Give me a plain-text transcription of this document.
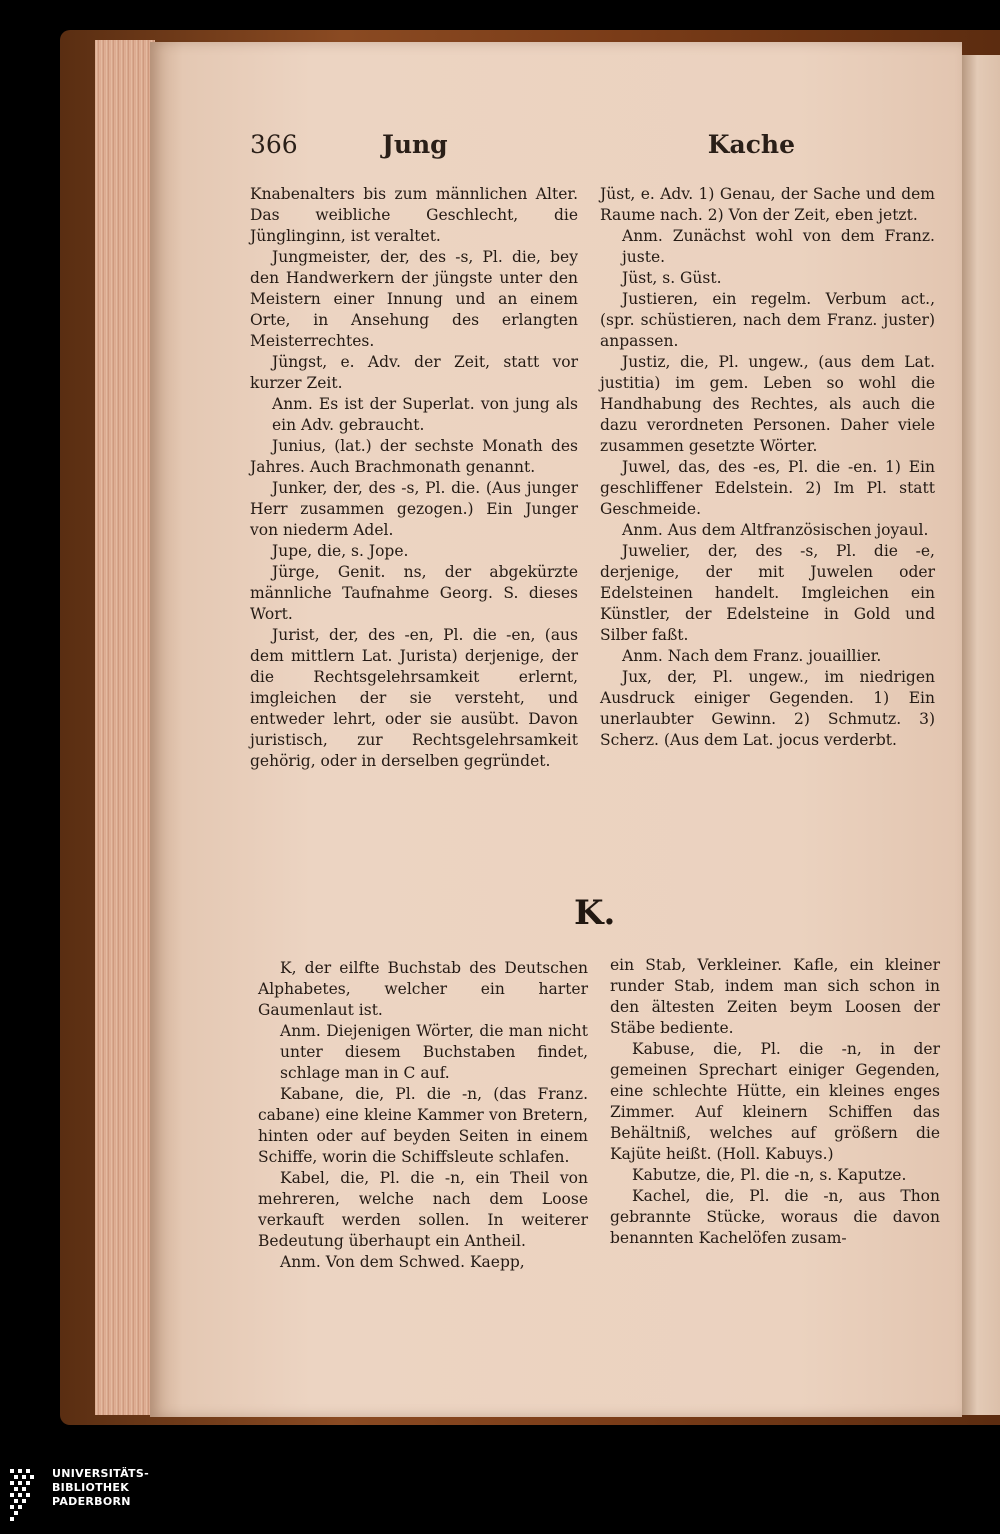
366	Jung	Kache

Knabenalters bis zum männlichen Alter. Das weibliche Geschlecht, die Jünglinginn, ist veraltet.

Jungmeister, der, des -s, Pl. die, bey den Handwerkern der jüngste unter den Meistern einer Innung und an einem Orte, in Ansehung des erlangten Meisterrechtes.

Jüngst, e. Adv. der Zeit, statt vor kurzer Zeit.

Anm. Es ist der Superlat. von jung als ein Adv. gebraucht.

Junius, (lat.) der sechste Monath des Jahres. Auch Brachmonath genannt.

Junker, der, des -s, Pl. die. (Aus junger Herr zusammen gezogen.) Ein Junger von niederm Adel.

Jupe, die, s. Jope.

Jürge, Genit. ns, der abgekürzte männliche Taufnahme Georg. S. dieses Wort.

Jurist, der, des -en, Pl. die -en, (aus dem mittlern Lat. Jurista) derjenige, der die Rechtsgelehrsamkeit erlernt, imgleichen der sie versteht, und entweder lehrt, oder sie ausübt. Davon juristisch, zur Rechtsgelehrsamkeit gehörig, oder in derselben gegründet.

Jüst, e. Adv. 1) Genau, der Sache und dem Raume nach. 2) Von der Zeit, eben jetzt.

Anm. Zunächst wohl von dem Franz. juste.

Jüst, s. Güst.

Justieren, ein regelm. Verbum act., (spr. schüstieren, nach dem Franz. juster) anpassen.

Justiz, die, Pl. ungew., (aus dem Lat. justitia) im gem. Leben so wohl die Handhabung des Rechtes, als auch die dazu verordneten Personen. Daher viele zusammen gesetzte Wörter.

Juwel, das, des -es, Pl. die -en. 1) Ein geschliffener Edelstein. 2) Im Pl. statt Geschmeide.

Anm. Aus dem Altfranzösischen joyaul.

Juwelier, der, des -s, Pl. die -e, derjenige, der mit Juwelen oder Edelsteinen handelt. Imgleichen ein Künstler, der Edelsteine in Gold und Silber faßt.

Anm. Nach dem Franz. jouaillier.

Jux, der, Pl. ungew., im niedrigen Ausdruck einiger Gegenden. 1) Ein unerlaubter Gewinn. 2) Schmutz. 3) Scherz. (Aus dem Lat. jocus verderbt.

K.

K, der eilfte Buchstab des Deutschen Alphabetes, welcher ein harter Gaumenlaut ist.

Anm. Diejenigen Wörter, die man nicht unter diesem Buchstaben findet, schlage man in C auf.

Kabane, die, Pl. die -n, (das Franz. cabane) eine kleine Kammer von Bretern, hinten oder auf beyden Seiten in einem Schiffe, worin die Schiffsleute schlafen.

Kabel, die, Pl. die -n, ein Theil von mehreren, welche nach dem Loose verkauft werden sollen. In weiterer Bedeutung überhaupt ein Antheil.

Anm. Von dem Schwed. Kaepp,

ein Stab, Verkleiner. Kafle, ein kleiner runder Stab, indem man sich schon in den ältesten Zeiten beym Loosen der Stäbe bediente.

Kabuse, die, Pl. die -n, in der gemeinen Sprechart einiger Gegenden, eine schlechte Hütte, ein kleines enges Zimmer. Auf kleinern Schiffen das Behältniß, welches auf größern die Kajüte heißt. (Holl. Kabuys.)

Kabutze, die, Pl. die -n, s. Kaputze.

Kachel, die, Pl. die -n, aus Thon gebrannte Stücke, woraus die davon benannten Kachelöfen zusam-

UNIVERSITÄTS-
BIBLIOTHEK
PADERBORN
